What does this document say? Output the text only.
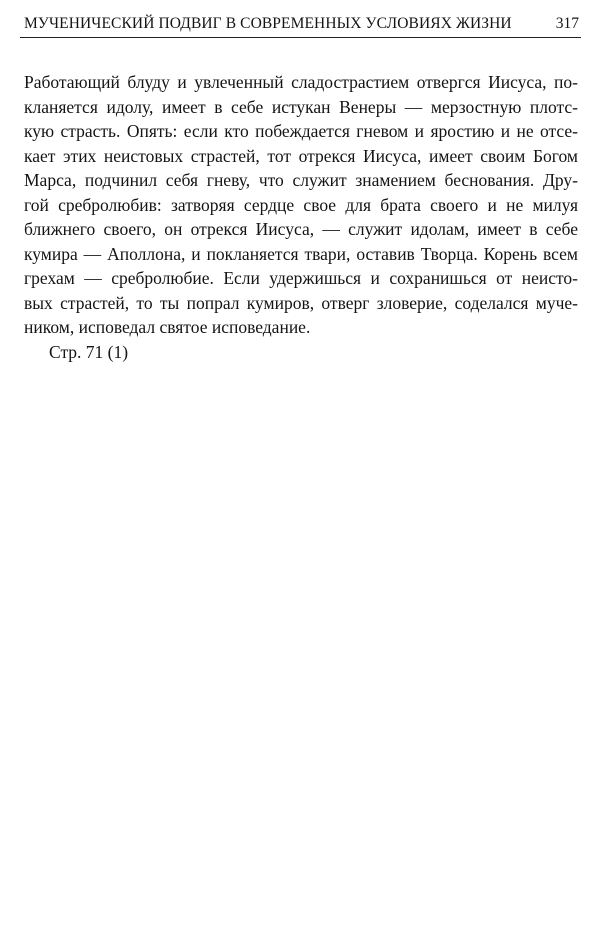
МУЧЕНИЧЕСКИЙ ПОДВИГ В СОВРЕМЕННЫХ УСЛОВИЯХ ЖИЗНИ	317
Работающий блуду и увлеченный сладострастием отвергся Иисуса, по-
кланяется идолу, имеет в себе истукан Венеры — мерзостную плотс-
кую страсть. Опять: если кто побеждается гневом и яростию и не отсе-
кает этих неистовых страстей, тот отрекся Иисуса, имеет своим Богом
Марса, подчинил себя гневу, что служит знамением беснования. Дру-
гой сребролюбив: затворяя сердце свое для брата своего и не милуя
ближнего своего, он отрекся Иисуса, — служит идолам, имеет в себе
кумира — Аполлона, и покланяется твари, оставив Творца. Корень всем
грехам — сребролюбие. Если удержишься и сохранишься от неисто-
вых страстей, то ты попрал кумиров, отверг зловерие, соделался муче-
ником, исповедал святое исповедание.
Стр. 71 (1)
